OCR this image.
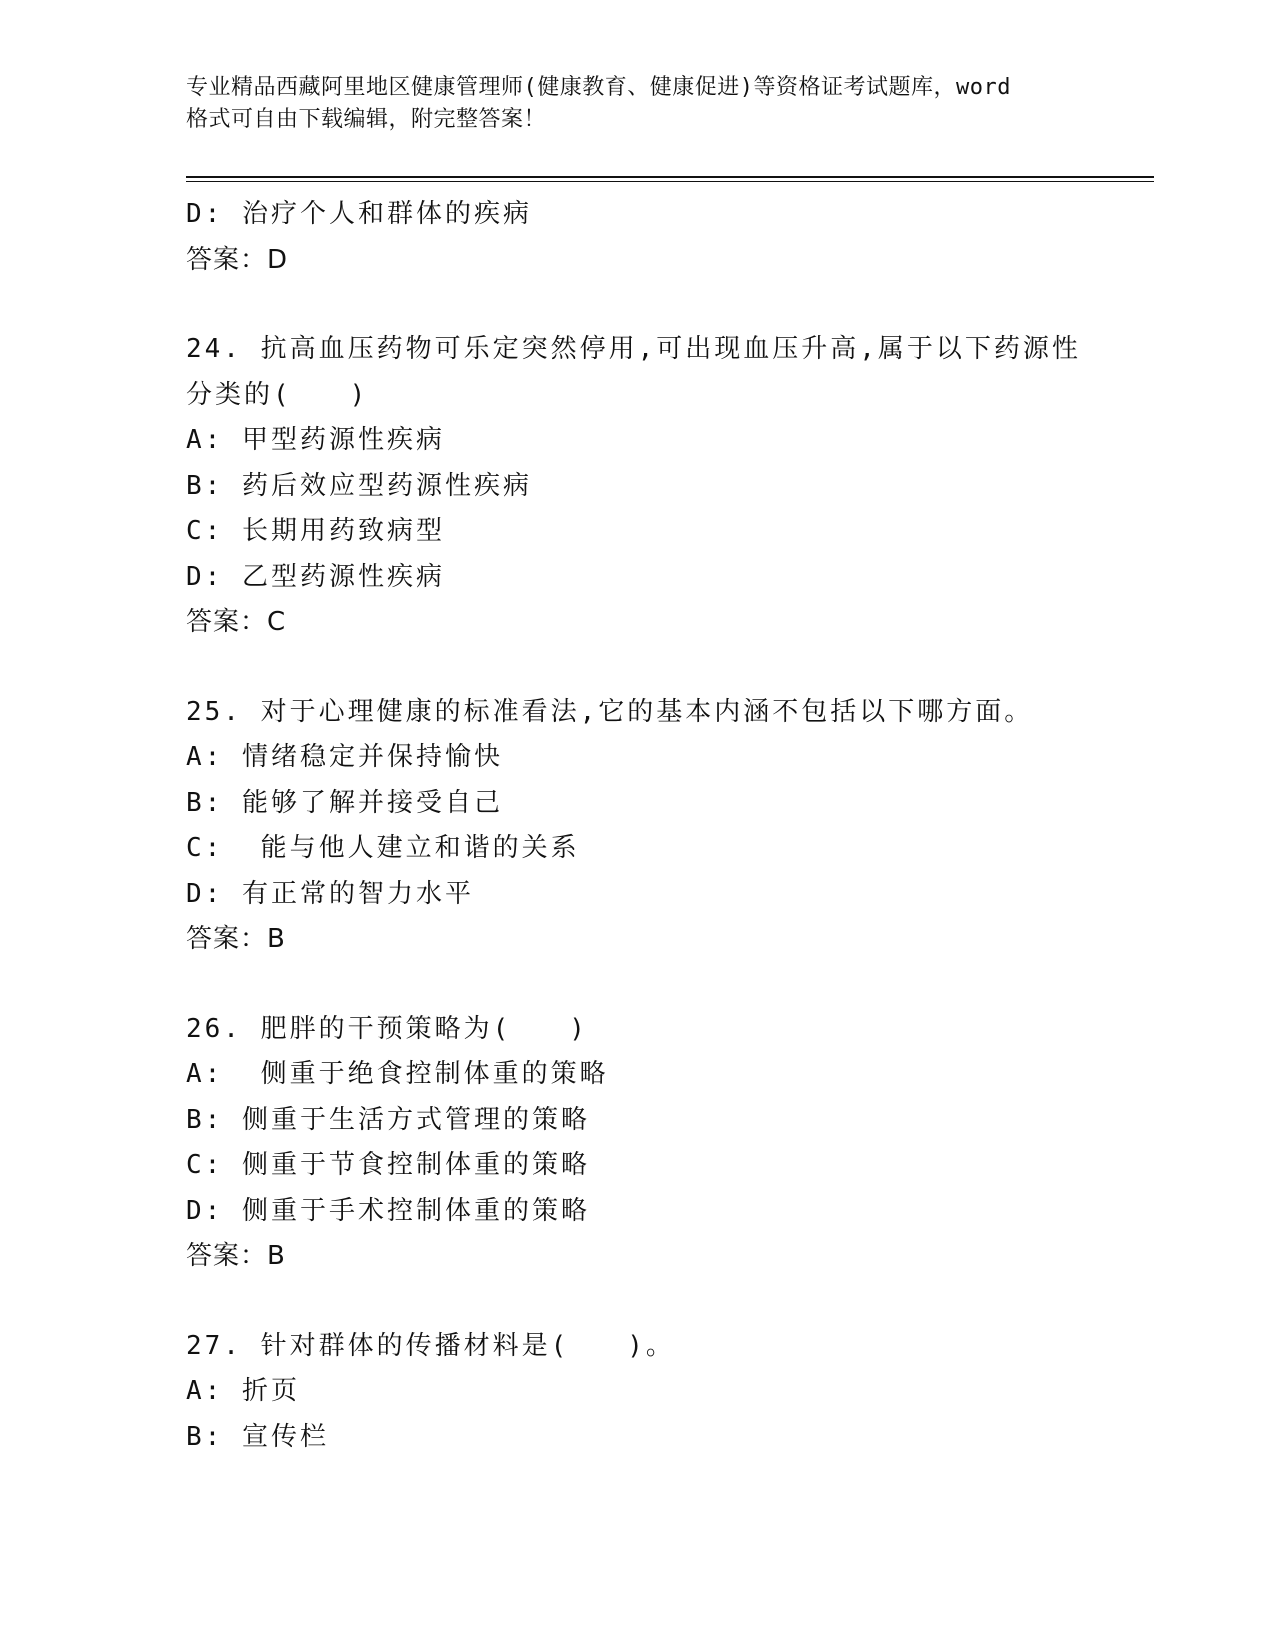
专业精品西藏阿里地区健康管理师(健康教育、健康促进)等资格证考试题库，word
格式可自由下载编辑，附完整答案！
D: 治疗个人和群体的疾病
答案：D
24. 抗高血压药物可乐定突然停用,可出现血压升高,属于以下药源性
分类的(　　)
A: 甲型药源性疾病
B: 药后效应型药源性疾病
C: 长期用药致病型
D: 乙型药源性疾病
答案：C
25. 对于心理健康的标准看法,它的基本内涵不包括以下哪方面。
A: 情绪稳定并保持愉快
B: 能够了解并接受自己
C:  能与他人建立和谐的关系
D: 有正常的智力水平
答案：B
26. 肥胖的干预策略为(　　)
A:  侧重于绝食控制体重的策略
B: 侧重于生活方式管理的策略
C: 侧重于节食控制体重的策略
D: 侧重于手术控制体重的策略
答案：B
27. 针对群体的传播材料是(　　)。
A: 折页
B: 宣传栏
